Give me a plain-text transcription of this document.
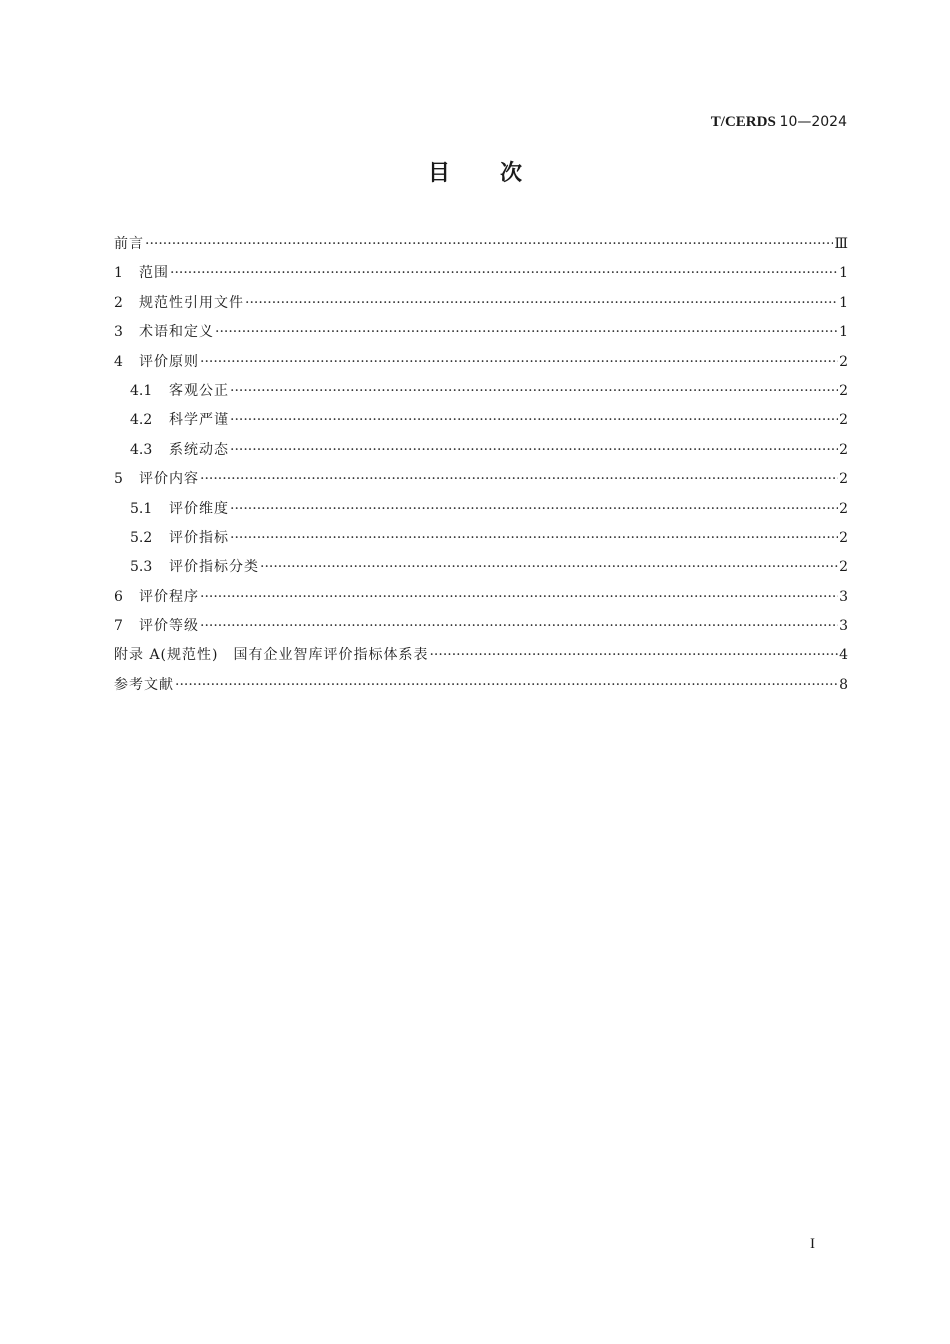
T/CERDS 10—2024
目次
前言 ·····	Ⅲ
1	范围 ·····	1
2	规范性引用文件 ·····	1
3	术语和定义 ·····	1
4	评价原则 ·····	2
4.1	客观公正 ·····	2
4.2	科学严谨 ·····	2
4.3	系统动态 ·····	2
5	评价内容 ·····	2
5.1	评价维度 ·····	2
5.2	评价指标 ·····	2
5.3	评价指标分类 ·····	2
6	评价程序 ·····	3
7	评价等级 ·····	3
附录 A(规范性)　国有企业智库评价指标体系表 ·····	4
参考文献 ·····	8
I
